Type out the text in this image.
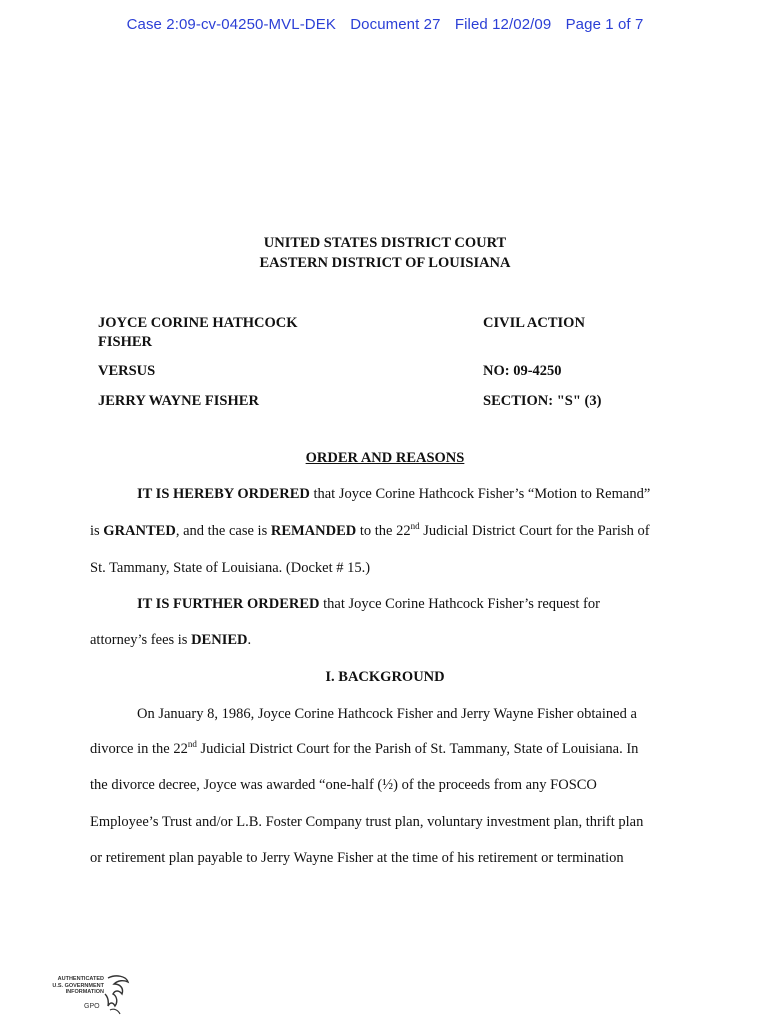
Case 2:09-cv-04250-MVL-DEK Document 27 Filed 12/02/09 Page 1 of 7
UNITED STATES DISTRICT COURT
EASTERN DISTRICT OF LOUISIANA
JOYCE CORINE HATHCOCK
FISHER
VERSUS
JERRY WAYNE FISHER
CIVIL ACTION
NO: 09-4250
SECTION: "S" (3)
ORDER AND REASONS
IT IS HEREBY ORDERED that Joyce Corine Hathcock Fisher’s “Motion to Remand”
is GRANTED, and the case is REMANDED to the 22nd Judicial District Court for the Parish of
St. Tammany, State of Louisiana. (Docket # 15.)
IT IS FURTHER ORDERED that Joyce Corine Hathcock Fisher’s request for
attorney’s fees is DENIED.
I. BACKGROUND
On January 8, 1986, Joyce Corine Hathcock Fisher and Jerry Wayne Fisher obtained a
divorce in the 22nd Judicial District Court for the Parish of St. Tammany, State of Louisiana. In
the divorce decree, Joyce was awarded “one-half (½) of the proceeds from any FOSCO
Employee’s Trust and/or L.B. Foster Company trust plan, voluntary investment plan, thrift plan
or retirement plan payable to Jerry Wayne Fisher at the time of his retirement or termination
AUTHENTICATED
U.S. GOVERNMENT
INFORMATION
GPO
